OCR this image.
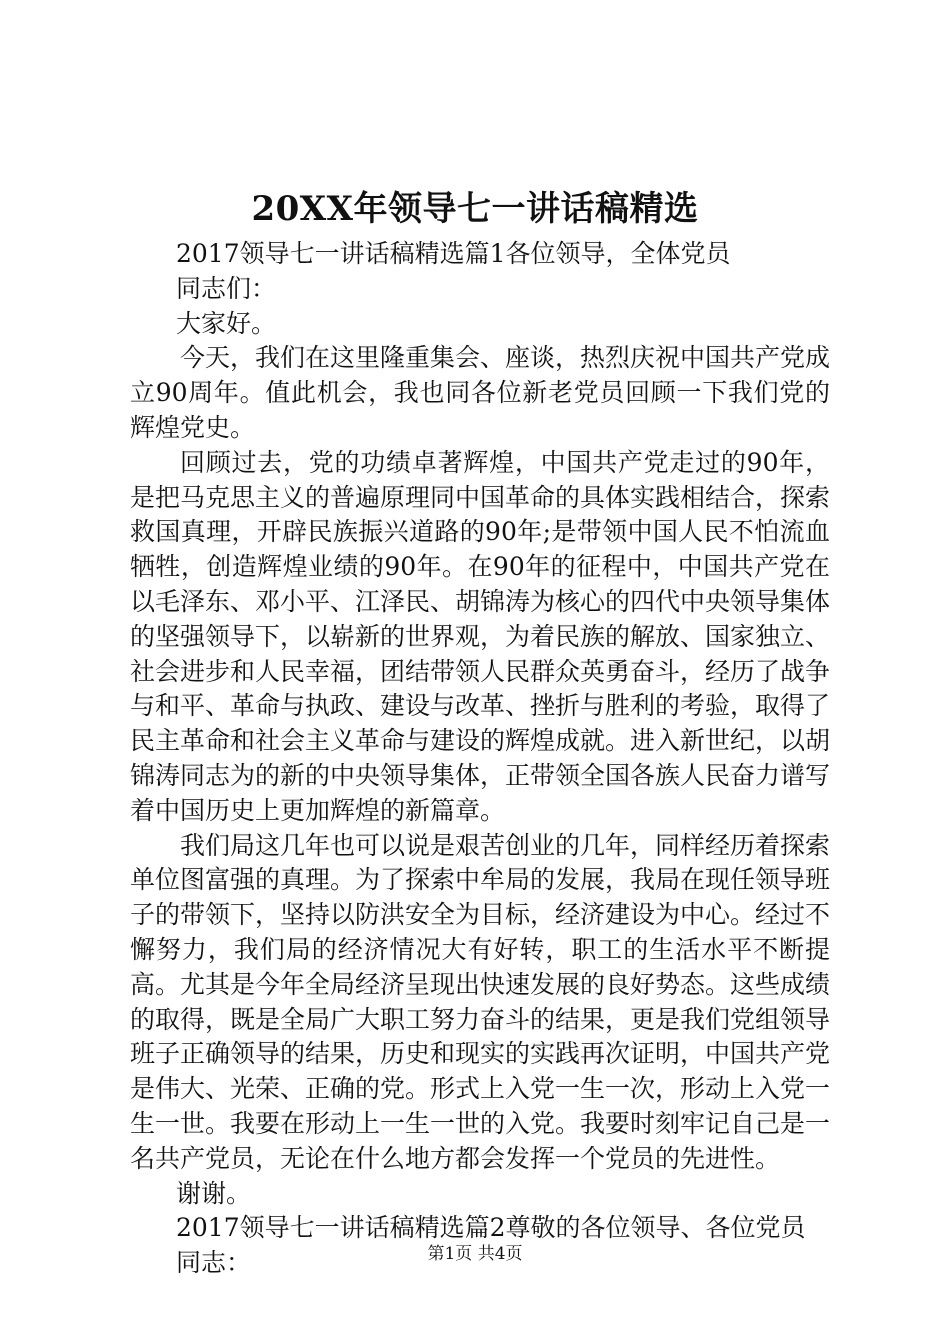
20XX年领导七一讲话稿精选

2017领导七一讲话稿精选篇1各位领导，全体党员

同志们：

大家好。

今天，我们在这里隆重集会、座谈，热烈庆祝中国共产党成立90周年。值此机会，我也同各位新老党员回顾一下我们党的辉煌党史。

回顾过去，党的功绩卓著辉煌，中国共产党走过的90年，是把马克思主义的普遍原理同中国革命的具体实践相结合，探索救国真理，开辟民族振兴道路的90年;是带领中国人民不怕流血牺牲，创造辉煌业绩的90年。在90年的征程中，中国共产党在以毛泽东、邓小平、江泽民、胡锦涛为核心的四代中央领导集体的坚强领导下，以崭新的世界观，为着民族的解放、国家独立、社会进步和人民幸福，团结带领人民群众英勇奋斗，经历了战争与和平、革命与执政、建设与改革、挫折与胜利的考验，取得了民主革命和社会主义革命与建设的辉煌成就。进入新世纪，以胡锦涛同志为的新的中央领导集体，正带领全国各族人民奋力谱写着中国历史上更加辉煌的新篇章。

我们局这几年也可以说是艰苦创业的几年，同样经历着探索单位图富强的真理。为了探索中牟局的发展，我局在现任领导班子的带领下，坚持以防洪安全为目标，经济建设为中心。经过不懈努力，我们局的经济情况大有好转，职工的生活水平不断提高。尤其是今年全局经济呈现出快速发展的良好势态。这些成绩的取得，既是全局广大职工努力奋斗的结果，更是我们党组领导班子正确领导的结果，历史和现实的实践再次证明，中国共产党是伟大、光荣、正确的党。形式上入党一生一次，形动上入党一生一世。我要在形动上一生一世的入党。我要时刻牢记自己是一名共产党员，无论在什么地方都会发挥一个党员的先进性。

谢谢。

2017领导七一讲话稿精选篇2尊敬的各位领导、各位党员

同志：	第1页 共4页
